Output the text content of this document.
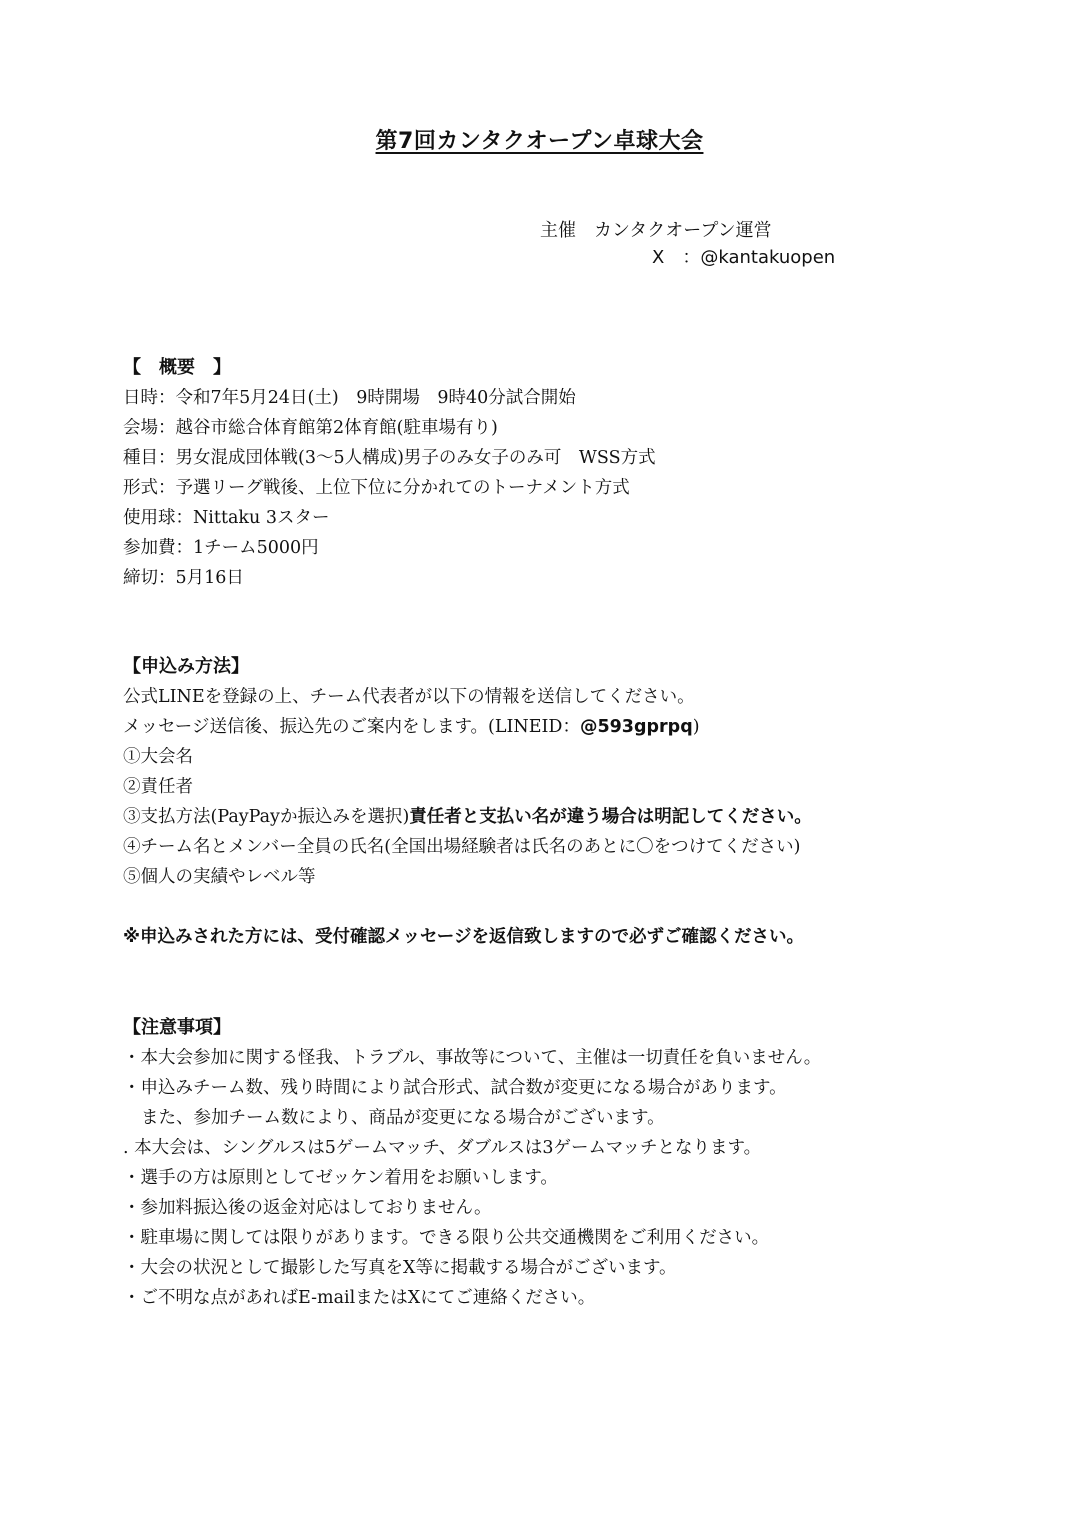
第7回カンタクオープン卓球大会
主催 カンタクオープン運営
X ：@kantakuopen
【　概要　】
日時：令和7年5月24日(土)　9時開場　9時40分試合開始
会場：越谷市総合体育館第2体育館(駐車場有り)
種目：男女混成団体戦(3～5人構成)男子のみ女子のみ可　WSS方式
形式：予選リーグ戦後、上位下位に分かれてのトーナメント方式
使用球：Nittaku 3スター
参加費：1チーム5000円
締切：5月16日
【申込み方法】
公式LINEを登録の上、チーム代表者が以下の情報を送信してください。
メッセージ送信後、振込先のご案内をします。(LINEID：@593gprpq)
①大会名
②責任者
③支払方法(PayPayか振込みを選択)責任者と支払い名が違う場合は明記してください。
④チーム名とメンバー全員の氏名(全国出場経験者は氏名のあとに〇をつけてください)
⑤個人の実績やレベル等
※申込みされた方には、受付確認メッセージを返信致しますので必ずご確認ください。
【注意事項】
・本大会参加に関する怪我、トラブル、事故等について、主催は一切責任を負いません。
・申込みチーム数、残り時間により試合形式、試合数が変更になる場合があります。
また、参加チーム数により、商品が変更になる場合がございます。
. 本大会は、シングルスは5ゲームマッチ、ダブルスは3ゲームマッチとなります。
・選手の方は原則としてゼッケン着用をお願いします。
・参加料振込後の返金対応はしておりません。
・駐車場に関しては限りがあります。できる限り公共交通機関をご利用ください。
・大会の状況として撮影した写真をX等に掲載する場合がございます。
・ご不明な点があればE-mailまたはXにてご連絡ください。
